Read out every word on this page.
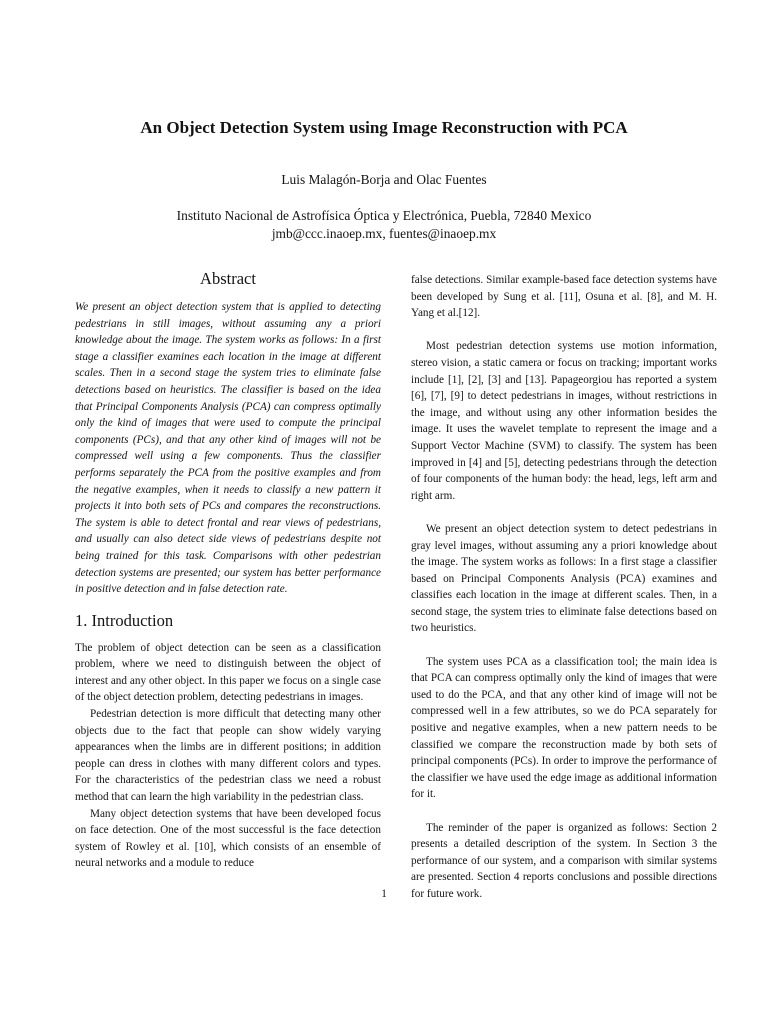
An Object Detection System using Image Reconstruction with PCA

Luis Malagón-Borja and Olac Fuentes

Instituto Nacional de Astrofísica Óptica y Electrónica, Puebla, 72840 Mexico
jmb@ccc.inaoep.mx, fuentes@inaoep.mx
Abstract

We present an object detection system that is applied to detecting pedestrians in still images, without assuming any a priori knowledge about the image. The system works as follows: In a first stage a classifier examines each location in the image at different scales. Then in a second stage the system tries to eliminate false detections based on heuristics. The classifier is based on the idea that Principal Components Analysis (PCA) can compress optimally only the kind of images that were used to compute the principal components (PCs), and that any other kind of images will not be compressed well using a few components. Thus the classifier performs separately the PCA from the positive examples and from the negative examples, when it needs to classify a new pattern it projects it into both sets of PCs and compares the reconstructions. The system is able to detect frontal and rear views of pedestrians, and usually can also detect side views of pedestrians despite not being trained for this task. Comparisons with other pedestrian detection systems are presented; our system has better performance in positive detection and in false detection rate.

1. Introduction

The problem of object detection can be seen as a classification problem, where we need to distinguish between the object of interest and any other object. In this paper we focus on a single case of the object detection problem, detecting pedestrians in images.

Pedestrian detection is more difficult that detecting many other objects due to the fact that people can show widely varying appearances when the limbs are in different positions; in addition people can dress in clothes with many different colors and types. For the characteristics of the pedestrian class we need a robust method that can learn the high variability in the pedestrian class.

Many object detection systems that have been developed focus on face detection. One of the most successful is the face detection system of Rowley et al. [10], which consists of an ensemble of neural networks and a module to reduce

false detections. Similar example-based face detection systems have been developed by Sung et al. [11], Osuna et al. [8], and M. H. Yang et al.[12].

Most pedestrian detection systems use motion information, stereo vision, a static camera or focus on tracking; important works include [1], [2], [3] and [13]. Papageorgiou has reported a system [6], [7], [9] to detect pedestrians in images, without restrictions in the image, and without using any other information besides the image. It uses the wavelet template to represent the image and a Support Vector Machine (SVM) to classify. The system has been improved in [4] and [5], detecting pedestrians through the detection of four components of the human body: the head, legs, left arm and right arm.

We present an object detection system to detect pedestrians in gray level images, without assuming any a priori knowledge about the image. The system works as follows: In a first stage a classifier based on Principal Components Analysis (PCA) examines and classifies each location in the image at different scales. Then, in a second stage, the system tries to eliminate false detections based on two heuristics.

The system uses PCA as a classification tool; the main idea is that PCA can compress optimally only the kind of images that were used to do the PCA, and that any other kind of image will not be compressed well in a few attributes, so we do PCA separately for positive and negative examples, when a new pattern needs to be classified we compare the reconstruction made by both sets of principal components (PCs). In order to improve the performance of the classifier we have used the edge image as additional information for it.

The reminder of the paper is organized as follows: Section 2 presents a detailed description of the system. In Section 3 the performance of our system, and a comparison with similar systems are presented. Section 4 reports conclusions and possible directions for future work.

1
